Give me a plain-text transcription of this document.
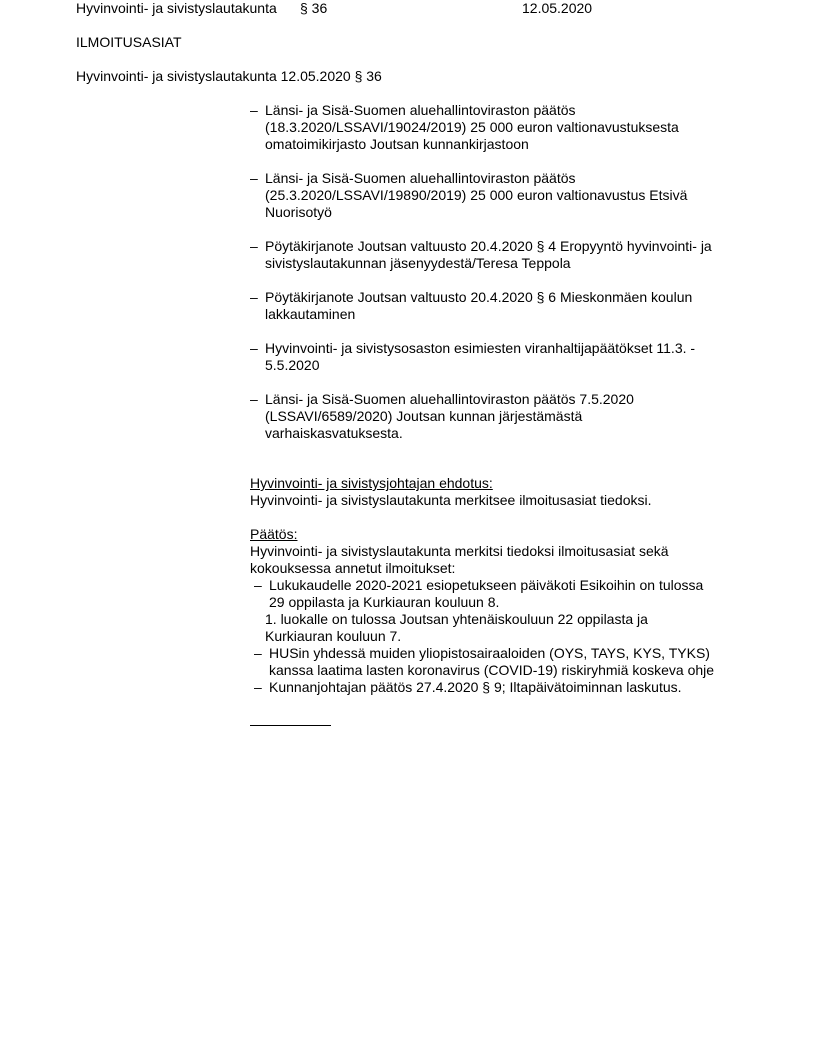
Hyvinvointi- ja sivistyslautakunta § 36	12.05.2020
ILMOITUSASIAT
Hyvinvointi- ja sivistyslautakunta 12.05.2020 § 36
– Länsi- ja Sisä-Suomen aluehallintoviraston päätös
(18.3.2020/LSSAVI/19024/2019) 25 000 euron valtionavustuksesta
omatoimikirjasto Joutsan kunnankirjastoon
– Länsi- ja Sisä-Suomen aluehallintoviraston päätös
(25.3.2020/LSSAVI/19890/2019) 25 000 euron valtionavustus Etsivä
Nuorisotyö
– Pöytäkirjanote Joutsan valtuusto 20.4.2020 § 4 Eropyyntö hyvinvointi- ja
sivistyslautakunnan jäsenyydestä/Teresa Teppola
– Pöytäkirjanote Joutsan valtuusto 20.4.2020 § 6 Mieskonmäen koulun
lakkautaminen
– Hyvinvointi- ja sivistysosaston esimiesten viranhaltijapäätökset 11.3. -
5.5.2020
– Länsi- ja Sisä-Suomen aluehallintoviraston päätös 7.5.2020
(LSSAVI/6589/2020) Joutsan kunnan järjestämästä
varhaiskasvatuksesta.
Hyvinvointi- ja sivistysjohtajan ehdotus:
Hyvinvointi- ja sivistyslautakunta merkitsee ilmoitusasiat tiedoksi.
Päätös:
Hyvinvointi- ja sivistyslautakunta merkitsi tiedoksi ilmoitusasiat sekä
kokouksessa annetut ilmoitukset:
– Lukukaudelle 2020-2021 esiopetukseen päiväkoti Esikoihin on tulossa
29 oppilasta ja Kurkiauran kouluun 8.
1. luokalle on tulossa Joutsan yhtenäiskouluun 22 oppilasta ja
Kurkiauran kouluun 7.
– HUSin yhdessä muiden yliopistosairaaloiden (OYS, TAYS, KYS, TYKS)
kanssa laatima lasten koronavirus (COVID-19) riskiryhmiä koskeva ohje
– Kunnanjohtajan päätös 27.4.2020 § 9; Iltapäivätoiminnan laskutus.
